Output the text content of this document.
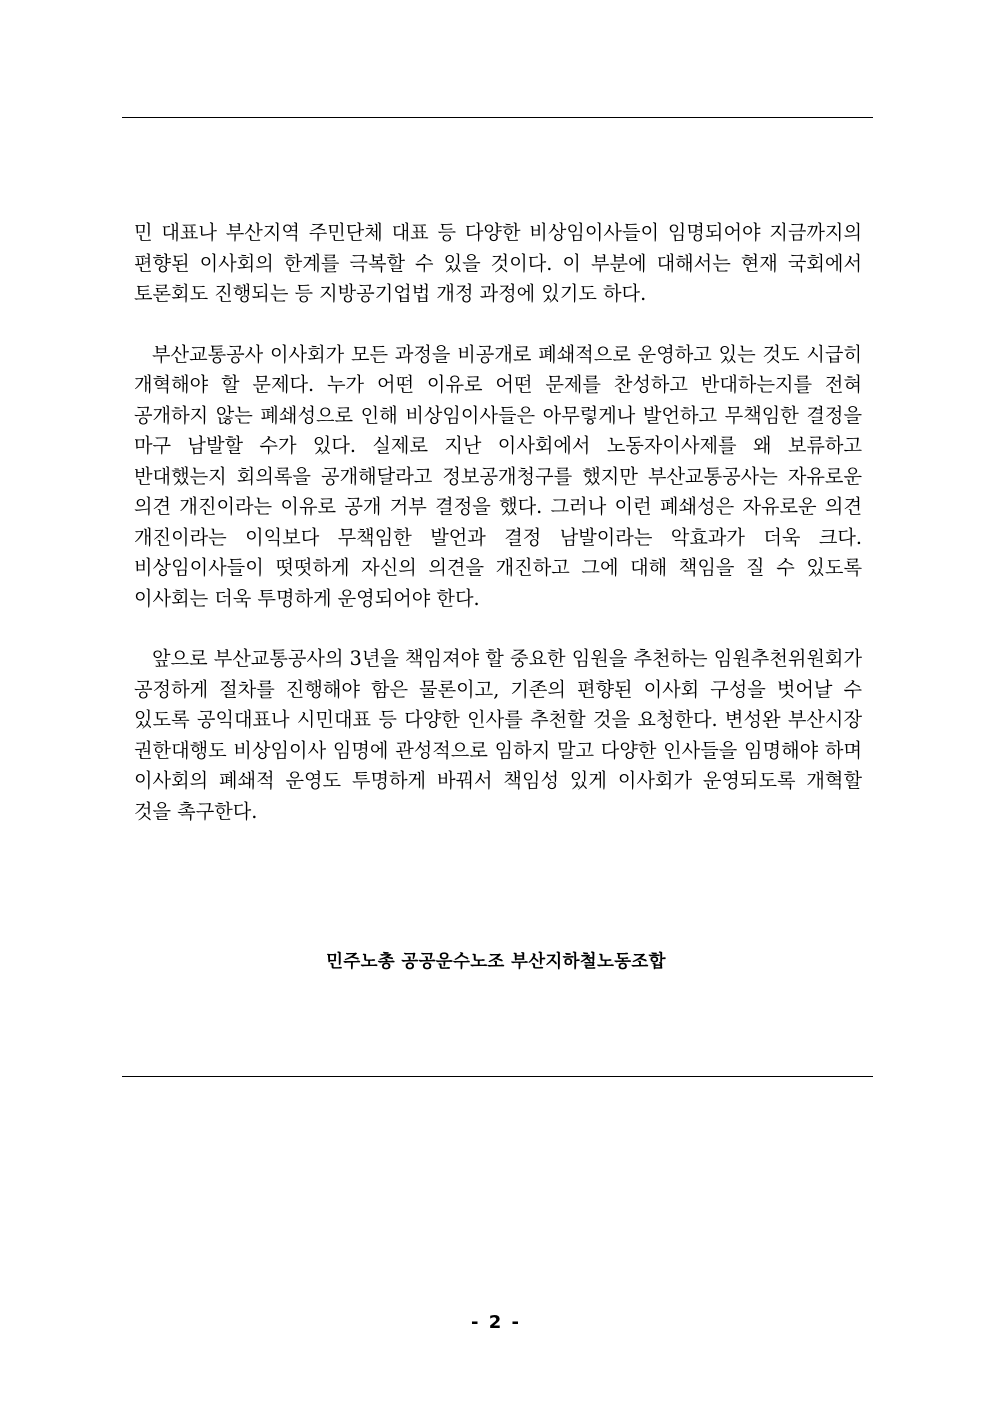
민 대표나 부산지역 주민단체 대표 등 다양한 비상임이사들이 임명되어야 지금까지의 편향된 이사회의 한계를 극복할 수 있을 것이다. 이 부분에 대해서는 현재 국회에서 토론회도 진행되는 등 지방공기업법 개정 과정에 있기도 하다.

부산교통공사 이사회가 모든 과정을 비공개로 폐쇄적으로 운영하고 있는 것도 시급히 개혁해야 할 문제다. 누가 어떤 이유로 어떤 문제를 찬성하고 반대하는지를 전혀 공개하지 않는 폐쇄성으로 인해 비상임이사들은 아무렇게나 발언하고 무책임한 결정을 마구 남발할 수가 있다. 실제로 지난 이사회에서 노동자이사제를 왜 보류하고 반대했는지 회의록을 공개해달라고 정보공개청구를 했지만 부산교통공사는 자유로운 의견 개진이라는 이유로 공개 거부 결정을 했다. 그러나 이런 폐쇄성은 자유로운 의견 개진이라는 이익보다 무책임한 발언과 결정 남발이라는 악효과가 더욱 크다. 비상임이사들이 떳떳하게 자신의 의견을 개진하고 그에 대해 책임을 질 수 있도록 이사회는 더욱 투명하게 운영되어야 한다.

앞으로 부산교통공사의 3년을 책임져야 할 중요한 임원을 추천하는 임원추천위원회가 공정하게 절차를 진행해야 함은 물론이고, 기존의 편향된 이사회 구성을 벗어날 수 있도록 공익대표나 시민대표 등 다양한 인사를 추천할 것을 요청한다. 변성완 부산시장 권한대행도 비상임이사 임명에 관성적으로 임하지 말고 다양한 인사들을 임명해야 하며 이사회의 폐쇄적 운영도 투명하게 바꿔서 책임성 있게 이사회가 운영되도록 개혁할 것을 촉구한다.

민주노총 공공운수노조 부산지하철노동조합
- 2 -
